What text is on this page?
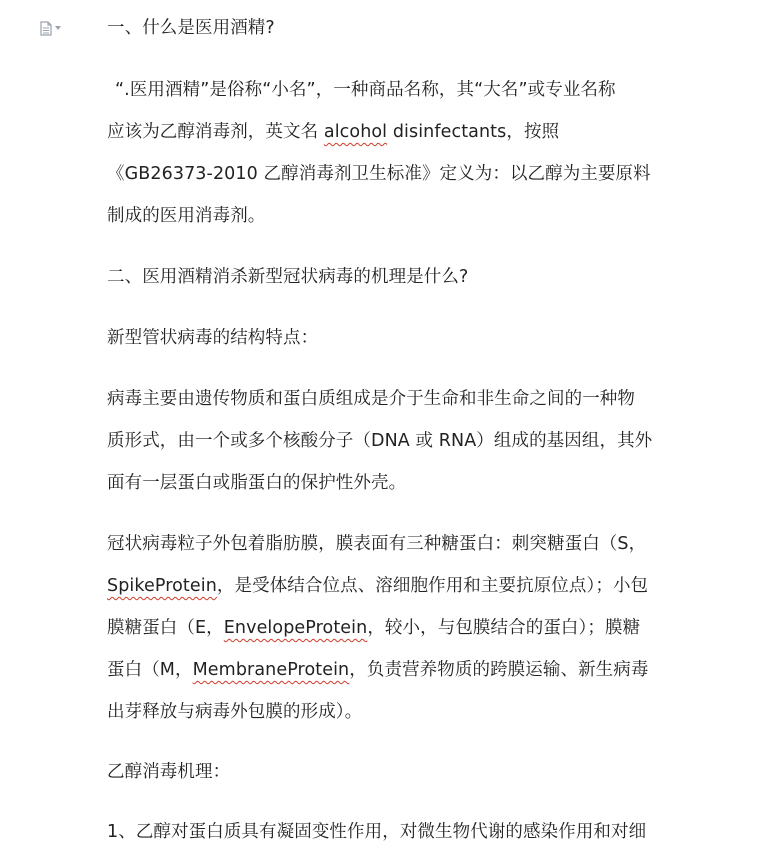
一、什么是医用酒精?

“.医用酒精”是俗称“小名”，一种商品名称，其“大名”或专业名称
应该为乙醇消毒剂，英文名 alcohol disinfectants，按照
《GB26373-2010 乙醇消毒剂卫生标准》定义为：以乙醇为主要原料
制成的医用消毒剂。

二、医用酒精消杀新型冠状病毒的机理是什么?

新型管状病毒的结构特点：

病毒主要由遗传物质和蛋白质组成是介于生命和非生命之间的一种物
质形式，由一个或多个核酸分子（DNA 或 RNA）组成的基因组，其外
面有一层蛋白或脂蛋白的保护性外壳。

冠状病毒粒子外包着脂肪膜，膜表面有三种糖蛋白：刺突糖蛋白（S，
SpikeProtein，是受体结合位点、溶细胞作用和主要抗原位点）；小包
膜糖蛋白（E，EnvelopeProtein，较小，与包膜结合的蛋白）；膜糖
蛋白（M，MembraneProtein，负责营养物质的跨膜运输、新生病毒
出芽释放与病毒外包膜的形成）。

乙醇消毒机理：

1、乙醇对蛋白质具有凝固变性作用，对微生物代谢的感染作用和对细
